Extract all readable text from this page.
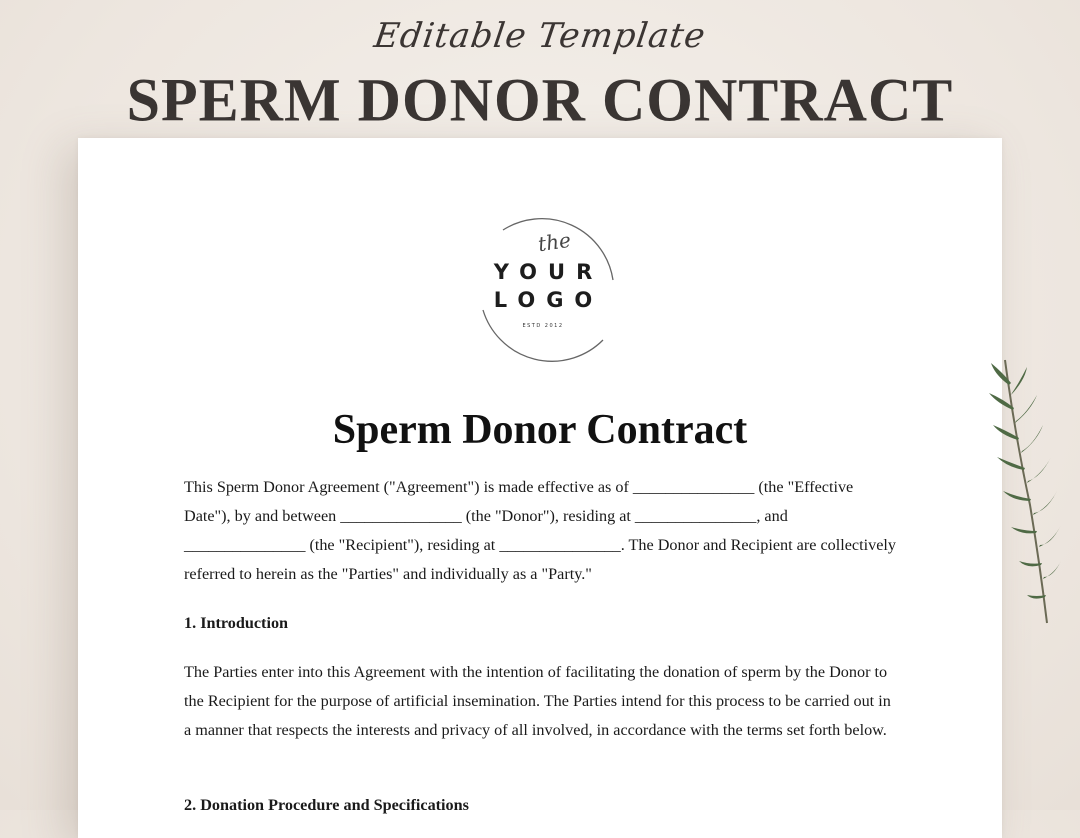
Editable Template
SPERM DONOR CONTRACT
the
YOUR
LOGO
ESTD 2012
Sperm Donor Contract
This Sperm Donor Agreement ("Agreement") is made effective as of _______________ (the "Effective Date"), by and between _______________ (the "Donor"), residing at _______________, and _______________ (the "Recipient"), residing at _______________. The Donor and Recipient are collectively referred to herein as the "Parties" and individually as a "Party."
1. Introduction
The Parties enter into this Agreement with the intention of facilitating the donation of sperm by the Donor to the Recipient for the purpose of artificial insemination. The Parties intend for this process to be carried out in a manner that respects the interests and privacy of all involved, in accordance with the terms set forth below.
2. Donation Procedure and Specifications
